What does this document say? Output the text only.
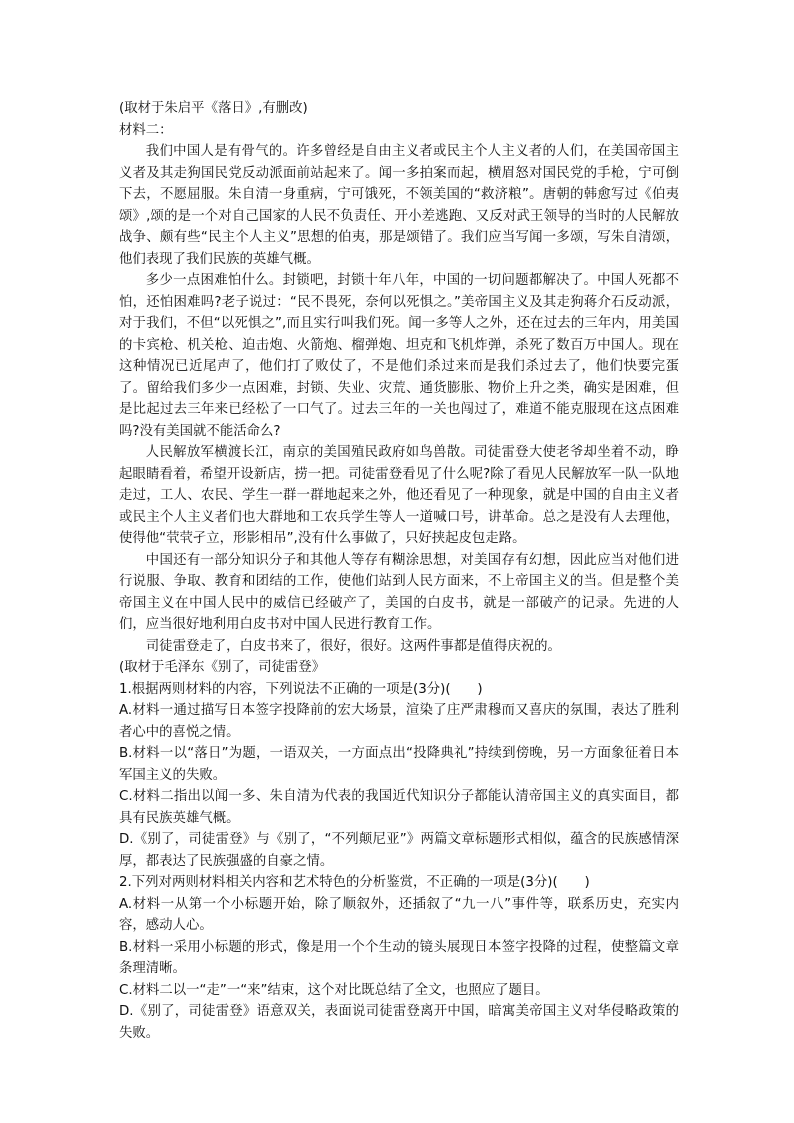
(取材于朱启平《落日》,有删改)
材料二：
我们中国人是有骨气的。许多曾经是自由主义者或民主个人主义者的人们，在美国帝国主义者及其走狗国民党反动派面前站起来了。闻一多拍案而起，横眉怒对国民党的手枪，宁可倒下去，不愿屈服。朱自清一身重病，宁可饿死，不领美国的“救济粮”。唐朝的韩愈写过《伯夷颂》,颂的是一个对自己国家的人民不负责任、开小差逃跑、又反对武王领导的当时的人民解放战争、颇有些“民主个人主义”思想的伯夷，那是颂错了。我们应当写闻一多颂，写朱自清颂，他们表现了我们民族的英雄气概。
多少一点困难怕什么。封锁吧，封锁十年八年，中国的一切问题都解决了。中国人死都不怕，还怕困难吗?老子说过：“民不畏死，奈何以死惧之。”美帝国主义及其走狗蒋介石反动派，对于我们，不但“以死惧之”,而且实行叫我们死。闻一多等人之外，还在过去的三年内，用美国的卡宾枪、机关枪、迫击炮、火箭炮、榴弹炮、坦克和飞机炸弹，杀死了数百万中国人。现在这种情况已近尾声了，他们打了败仗了，不是他们杀过来而是我们杀过去了，他们快要完蛋了。留给我们多少一点困难，封锁、失业、灾荒、通货膨胀、物价上升之类，确实是困难，但是比起过去三年来已经松了一口气了。过去三年的一关也闯过了，难道不能克服现在这点困难吗?没有美国就不能活命么?
人民解放军横渡长江，南京的美国殖民政府如鸟兽散。司徒雷登大使老爷却坐着不动，睁起眼睛看着，希望开设新店，捞一把。司徒雷登看见了什么呢?除了看见人民解放军一队一队地走过，工人、农民、学生一群一群地起来之外，他还看见了一种现象，就是中国的自由主义者或民主个人主义者们也大群地和工农兵学生等人一道喊口号，讲革命。总之是没有人去理他，使得他“茕茕孑立，形影相吊”,没有什么事做了，只好挟起皮包走路。
中国还有一部分知识分子和其他人等存有糊涂思想，对美国存有幻想，因此应当对他们进行说服、争取、教育和团结的工作，使他们站到人民方面来，不上帝国主义的当。但是整个美帝国主义在中国人民中的威信已经破产了，美国的白皮书，就是一部破产的记录。先进的人们，应当很好地利用白皮书对中国人民进行教育工作。
司徒雷登走了，白皮书来了，很好，很好。这两件事都是值得庆祝的。
(取材于毛泽东《别了，司徒雷登》
1.根据两则材料的内容，下列说法不正确的一项是(3分)(　　)
A.材料一通过描写日本签字投降前的宏大场景，渲染了庄严肃穆而又喜庆的氛围，表达了胜利者心中的喜悦之情。
B.材料一以“落日”为题，一语双关，一方面点出“投降典礼”持续到傍晚，另一方面象征着日本军国主义的失败。
C.材料二指出以闻一多、朱自清为代表的我国近代知识分子都能认清帝国主义的真实面目，都具有民族英雄气概。
D.《别了，司徒雷登》与《别了，“不列颠尼亚”》两篇文章标题形式相似，蕴含的民族感情深厚，都表达了民族强盛的自豪之情。
2.下列对两则材料相关内容和艺术特色的分析鉴赏，不正确的一项是(3分)(　　)
A.材料一从第一个小标题开始，除了顺叙外，还插叙了“九一八”事件等，联系历史，充实内容，感动人心。
B.材料一采用小标题的形式，像是用一个个生动的镜头展现日本签字投降的过程，使整篇文章条理清晰。
C.材料二以一“走”一“来”结束，这个对比既总结了全文，也照应了题目。
D.《别了，司徒雷登》语意双关，表面说司徒雷登离开中国，暗寓美帝国主义对华侵略政策的失败。
